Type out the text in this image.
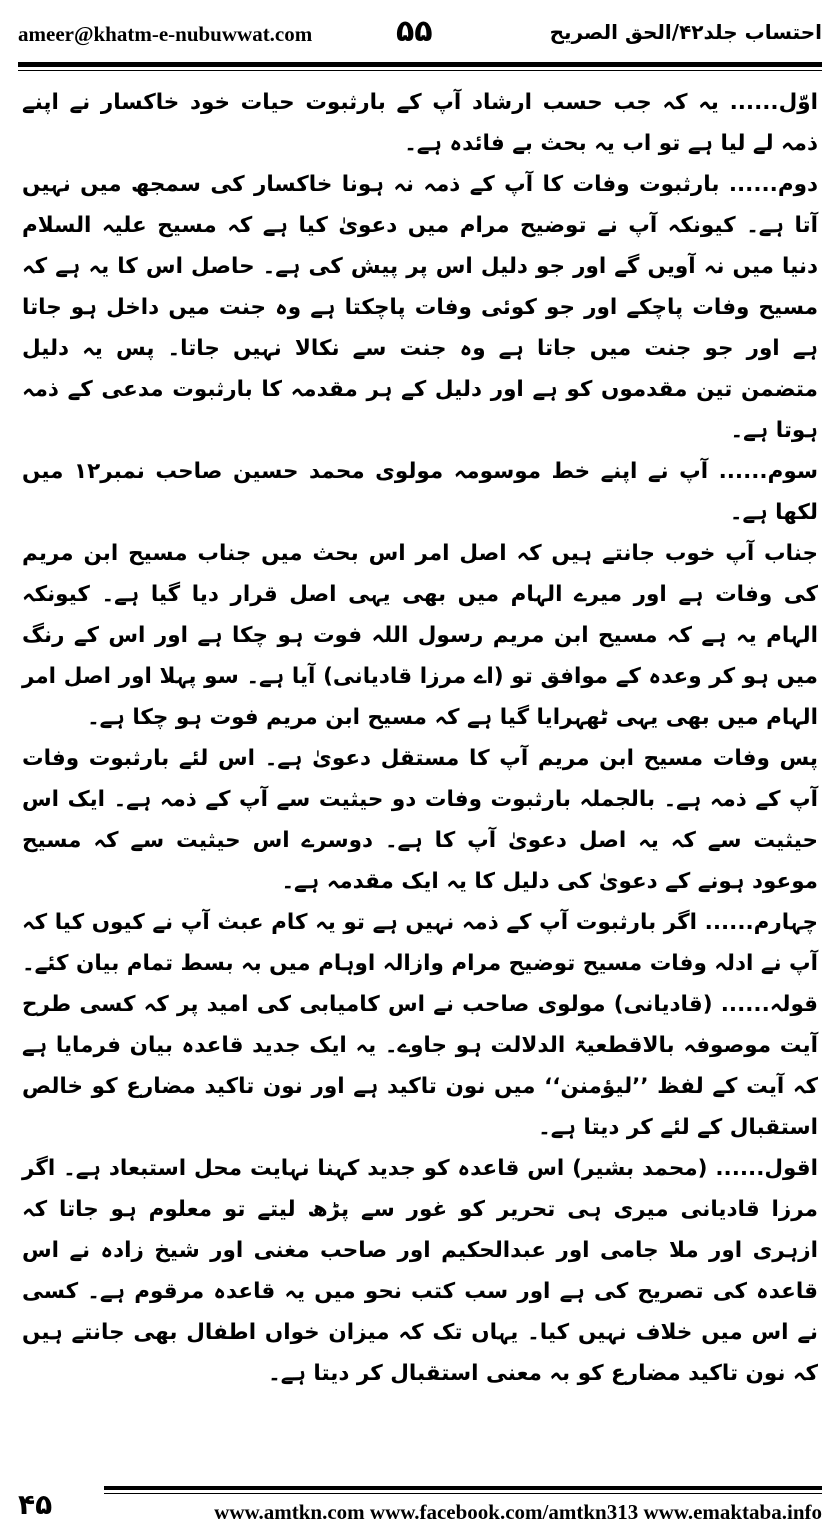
ameer@khatm-e-nubuwwat.com	۵۵	احتساب جلد۴۲/الحق الصریح

اوّل...... یہ کہ جب حسب ارشاد آپ کے بارثبوت حیات خود خاکسار نے اپنے ذمہ لے لیا ہے تو اب یہ بحث بے فائدہ ہے۔

دوم...... بارثبوت وفات کا آپ کے ذمہ نہ ہونا خاکسار کی سمجھ میں نہیں آتا ہے۔ کیونکہ آپ نے توضیح مرام میں دعویٰ کیا ہے کہ مسیح علیہ السلام دنیا میں نہ آویں گے اور جو دلیل اس پر پیش کی ہے۔ حاصل اس کا یہ ہے کہ مسیح وفات پاچکے اور جو کوئی وفات پاچکتا ہے وہ جنت میں داخل ہو جاتا ہے اور جو جنت میں جاتا ہے وہ جنت سے نکالا نہیں جاتا۔ پس یہ دلیل متضمن تین مقدموں کو ہے اور دلیل کے ہر مقدمہ کا بارثبوت مدعی کے ذمہ ہوتا ہے۔

سوم...... آپ نے اپنے خط موسومہ مولوی محمد حسین صاحب نمبر۱۲ میں لکھا ہے۔

جناب آپ خوب جانتے ہیں کہ اصل امر اس بحث میں جناب مسیح ابن مریم کی وفات ہے اور میرے الہام میں بھی یہی اصل قرار دیا گیا ہے۔ کیونکہ الہام یہ ہے کہ مسیح ابن مریم رسول اللہ فوت ہو چکا ہے اور اس کے رنگ میں ہو کر وعدہ کے موافق تو (اے مرزا قادیانی) آیا ہے۔ سو پہلا اور اصل امر الہام میں بھی یہی ٹھہرایا گیا ہے کہ مسیح ابن مریم فوت ہو چکا ہے۔

پس وفات مسیح ابن مریم آپ کا مستقل دعویٰ ہے۔ اس لئے بارثبوت وفات آپ کے ذمہ ہے۔ بالجملہ بارثبوت وفات دو حیثیت سے آپ کے ذمہ ہے۔ ایک اس حیثیت سے کہ یہ اصل دعویٰ آپ کا ہے۔ دوسرے اس حیثیت سے کہ مسیح موعود ہونے کے دعویٰ کی دلیل کا یہ ایک مقدمہ ہے۔

چہارم...... اگر بارثبوت آپ کے ذمہ نہیں ہے تو یہ کام عبث آپ نے کیوں کیا کہ آپ نے ادلہ وفات مسیح توضیح مرام وازالہ اوہام میں بہ بسط تمام بیان کئے۔

قولہ...... (قادیانی) مولوی صاحب نے اس کامیابی کی امید پر کہ کسی طرح آیت موصوفہ بالاقطعیۃ الدلالت ہو جاوے۔ یہ ایک جدید قاعدہ بیان فرمایا ہے کہ آیت کے لفظ ’’لیؤمنن‘‘ میں نون تاکید ہے اور نون تاکید مضارع کو خالص استقبال کے لئے کر دیتا ہے۔

اقول...... (محمد بشیر) اس قاعدہ کو جدید کہنا نہایت محل استبعاد ہے۔ اگر مرزا قادیانی میری ہی تحریر کو غور سے پڑھ لیتے تو معلوم ہو جاتا کہ ازہری اور ملا جامی اور عبدالحکیم اور صاحب مغنی اور شیخ زادہ نے اس قاعدہ کی تصریح کی ہے اور سب کتب نحو میں یہ قاعدہ مرقوم ہے۔ کسی نے اس میں خلاف نہیں کیا۔ یہاں تک کہ میزان خواں اطفال بھی جانتے ہیں کہ نون تاکید مضارع کو بہ معنی استقبال کر دیتا ہے۔

۴۵	www.amtkn.com www.facebook.com/amtkn313 www.emaktaba.info
